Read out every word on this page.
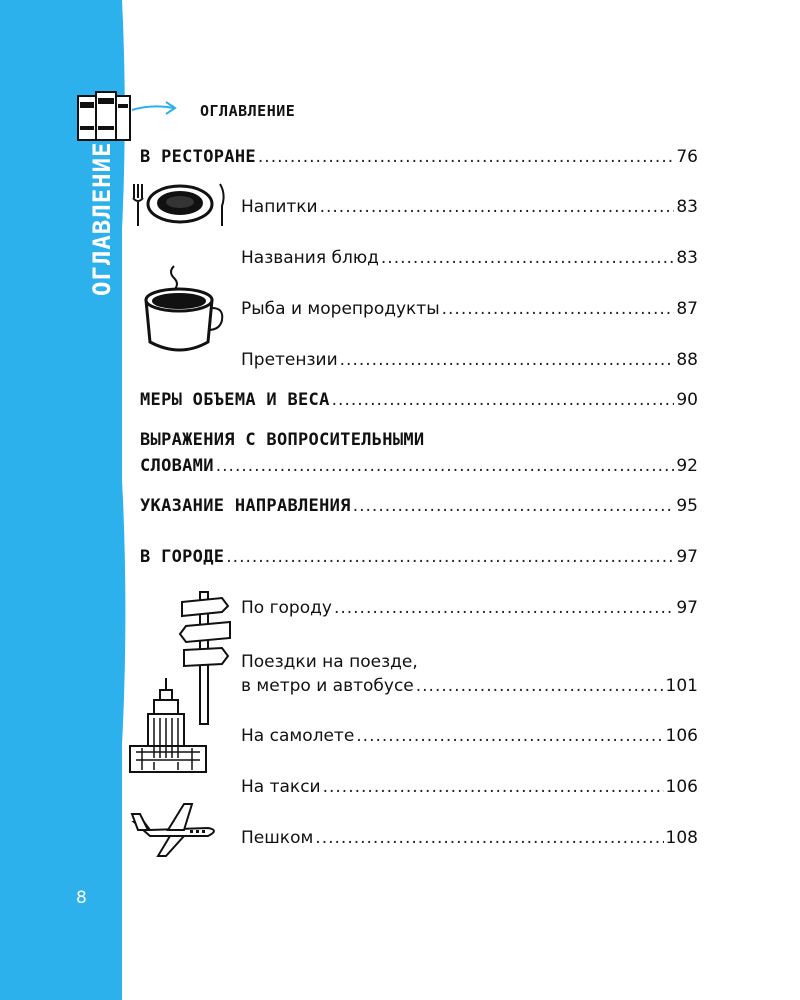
ОГЛАВЛЕНИЕ
8
ОГЛАВЛЕНИЕ
В РЕСТОРАНЕ .....	76
Напитки .....	83
Названия блюд .....	83
Рыба и морепродукты .....	87
Претензии .....	88
МЕРЫ ОБЪЕМА И ВЕСА .....	90
ВЫРАЖЕНИЯ С ВОПРОСИТЕЛЬНЫМИ
СЛОВАМИ .....	92
УКАЗАНИЕ НАПРАВЛЕНИЯ .....	95
В ГОРОДЕ .....	97
По городу .....	97
Поездки на поезде,
в метро и автобусе .....	101
На самолете .....	106
На такси .....	106
Пешком .....	108
